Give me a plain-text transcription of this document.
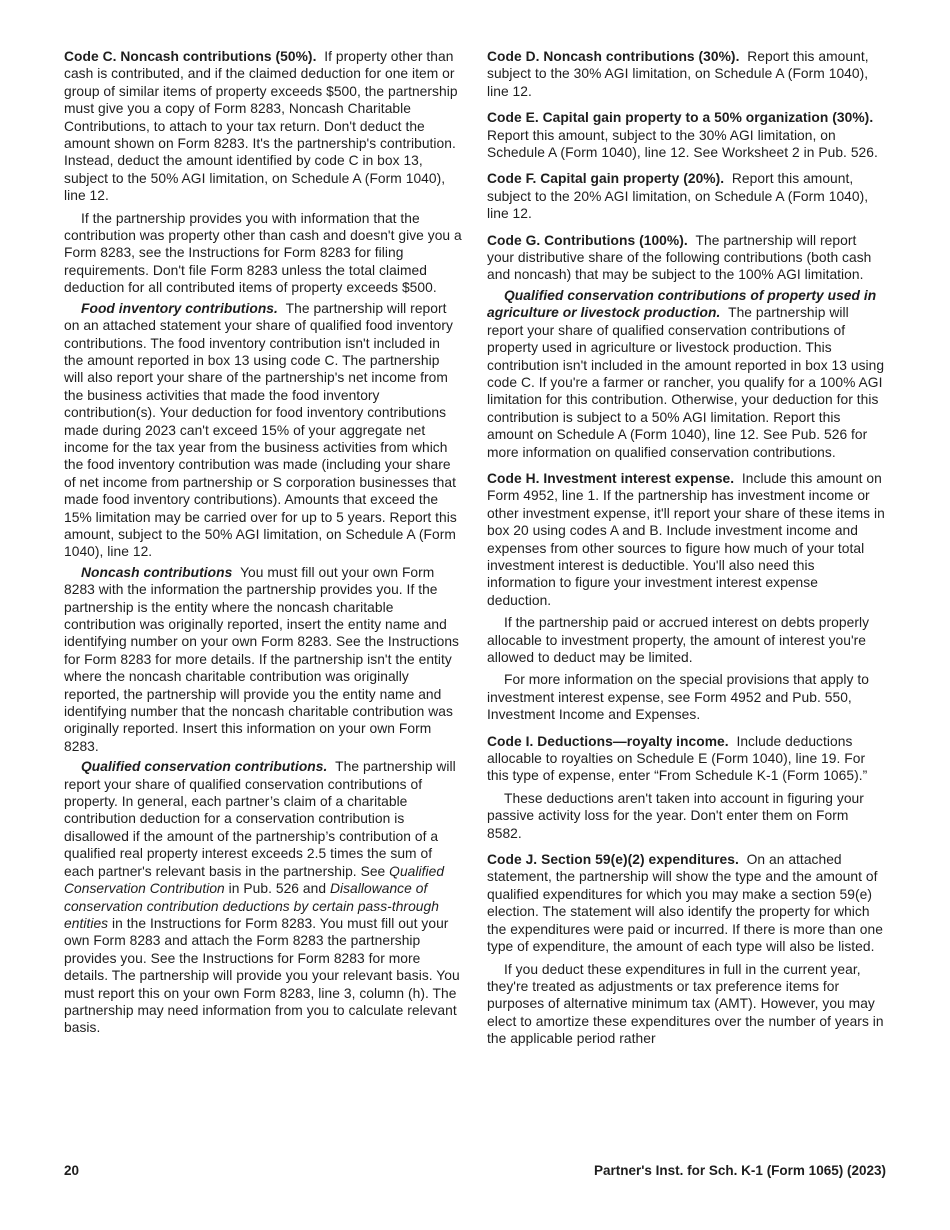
Code C. Noncash contributions (50%).  If property other than cash is contributed, and if the claimed deduction for one item or group of similar items of property exceeds $500, the partnership must give you a copy of Form 8283, Noncash Charitable Contributions, to attach to your tax return. Don't deduct the amount shown on Form 8283. It's the partnership's contribution. Instead, deduct the amount identified by code C in box 13, subject to the 50% AGI limitation, on Schedule A (Form 1040), line 12.

If the partnership provides you with information that the contribution was property other than cash and doesn't give you a Form 8283, see the Instructions for Form 8283 for filing requirements. Don't file Form 8283 unless the total claimed deduction for all contributed items of property exceeds $500.

Food inventory contributions.  The partnership will report on an attached statement your share of qualified food inventory contributions. The food inventory contribution isn't included in the amount reported in box 13 using code C. The partnership will also report your share of the partnership's net income from the business activities that made the food inventory contribution(s). Your deduction for food inventory contributions made during 2023 can't exceed 15% of your aggregate net income for the tax year from the business activities from which the food inventory contribution was made (including your share of net income from partnership or S corporation businesses that made food inventory contributions). Amounts that exceed the 15% limitation may be carried over for up to 5 years. Report this amount, subject to the 50% AGI limitation, on Schedule A (Form 1040), line 12.

Noncash contributions  You must fill out your own Form 8283 with the information the partnership provides you. If the partnership is the entity where the noncash charitable contribution was originally reported, insert the entity name and identifying number on your own Form 8283. See the Instructions for Form 8283 for more details. If the partnership isn't the entity where the noncash charitable contribution was originally reported, the partnership will provide you the entity name and identifying number that the noncash charitable contribution was originally reported. Insert this information on your own Form 8283.

Qualified conservation contributions.  The partnership will report your share of qualified conservation contributions of property. In general, each partner’s claim of a charitable contribution deduction for a conservation contribution is disallowed if the amount of the partnership’s contribution of a qualified real property interest exceeds 2.5 times the sum of each partner's relevant basis in the partnership. See Qualified Conservation Contribution in Pub. 526 and Disallowance of conservation contribution deductions by certain pass-through entities in the Instructions for Form 8283. You must fill out your own Form 8283 and attach the Form 8283 the partnership provides you. See the Instructions for Form 8283 for more details. The partnership will provide you your relevant basis. You must report this on your own Form 8283, line 3, column (h). The partnership may need information from you to calculate relevant basis.

Code D. Noncash contributions (30%).  Report this amount, subject to the 30% AGI limitation, on Schedule A (Form 1040), line 12.

Code E. Capital gain property to a 50% organization (30%).  Report this amount, subject to the 30% AGI limitation, on Schedule A (Form 1040), line 12. See Worksheet 2 in Pub. 526.

Code F. Capital gain property (20%).  Report this amount, subject to the 20% AGI limitation, on Schedule A (Form 1040), line 12.

Code G. Contributions (100%).  The partnership will report your distributive share of the following contributions (both cash and noncash) that may be subject to the 100% AGI limitation.

Qualified conservation contributions of property used in agriculture or livestock production.  The partnership will report your share of qualified conservation contributions of property used in agriculture or livestock production. This contribution isn't included in the amount reported in box 13 using code C. If you're a farmer or rancher, you qualify for a 100% AGI limitation for this contribution. Otherwise, your deduction for this contribution is subject to a 50% AGI limitation. Report this amount on Schedule A (Form 1040), line 12. See Pub. 526 for more information on qualified conservation contributions.

Code H. Investment interest expense.  Include this amount on Form 4952, line 1. If the partnership has investment income or other investment expense, it'll report your share of these items in box 20 using codes A and B. Include investment income and expenses from other sources to figure how much of your total investment interest is deductible. You'll also need this information to figure your investment interest expense deduction.

If the partnership paid or accrued interest on debts properly allocable to investment property, the amount of interest you're allowed to deduct may be limited.

For more information on the special provisions that apply to investment interest expense, see Form 4952 and Pub. 550, Investment Income and Expenses.

Code I. Deductions—royalty income.  Include deductions allocable to royalties on Schedule E (Form 1040), line 19. For this type of expense, enter “From Schedule K-1 (Form 1065).”

These deductions aren't taken into account in figuring your passive activity loss for the year. Don't enter them on Form 8582.

Code J. Section 59(e)(2) expenditures.  On an attached statement, the partnership will show the type and the amount of qualified expenditures for which you may make a section 59(e) election. The statement will also identify the property for which the expenditures were paid or incurred. If there is more than one type of expenditure, the amount of each type will also be listed.

If you deduct these expenditures in full in the current year, they're treated as adjustments or tax preference items for purposes of alternative minimum tax (AMT). However, you may elect to amortize these expenditures over the number of years in the applicable period rather

20	Partner's Inst. for Sch. K-1 (Form 1065) (2023)
